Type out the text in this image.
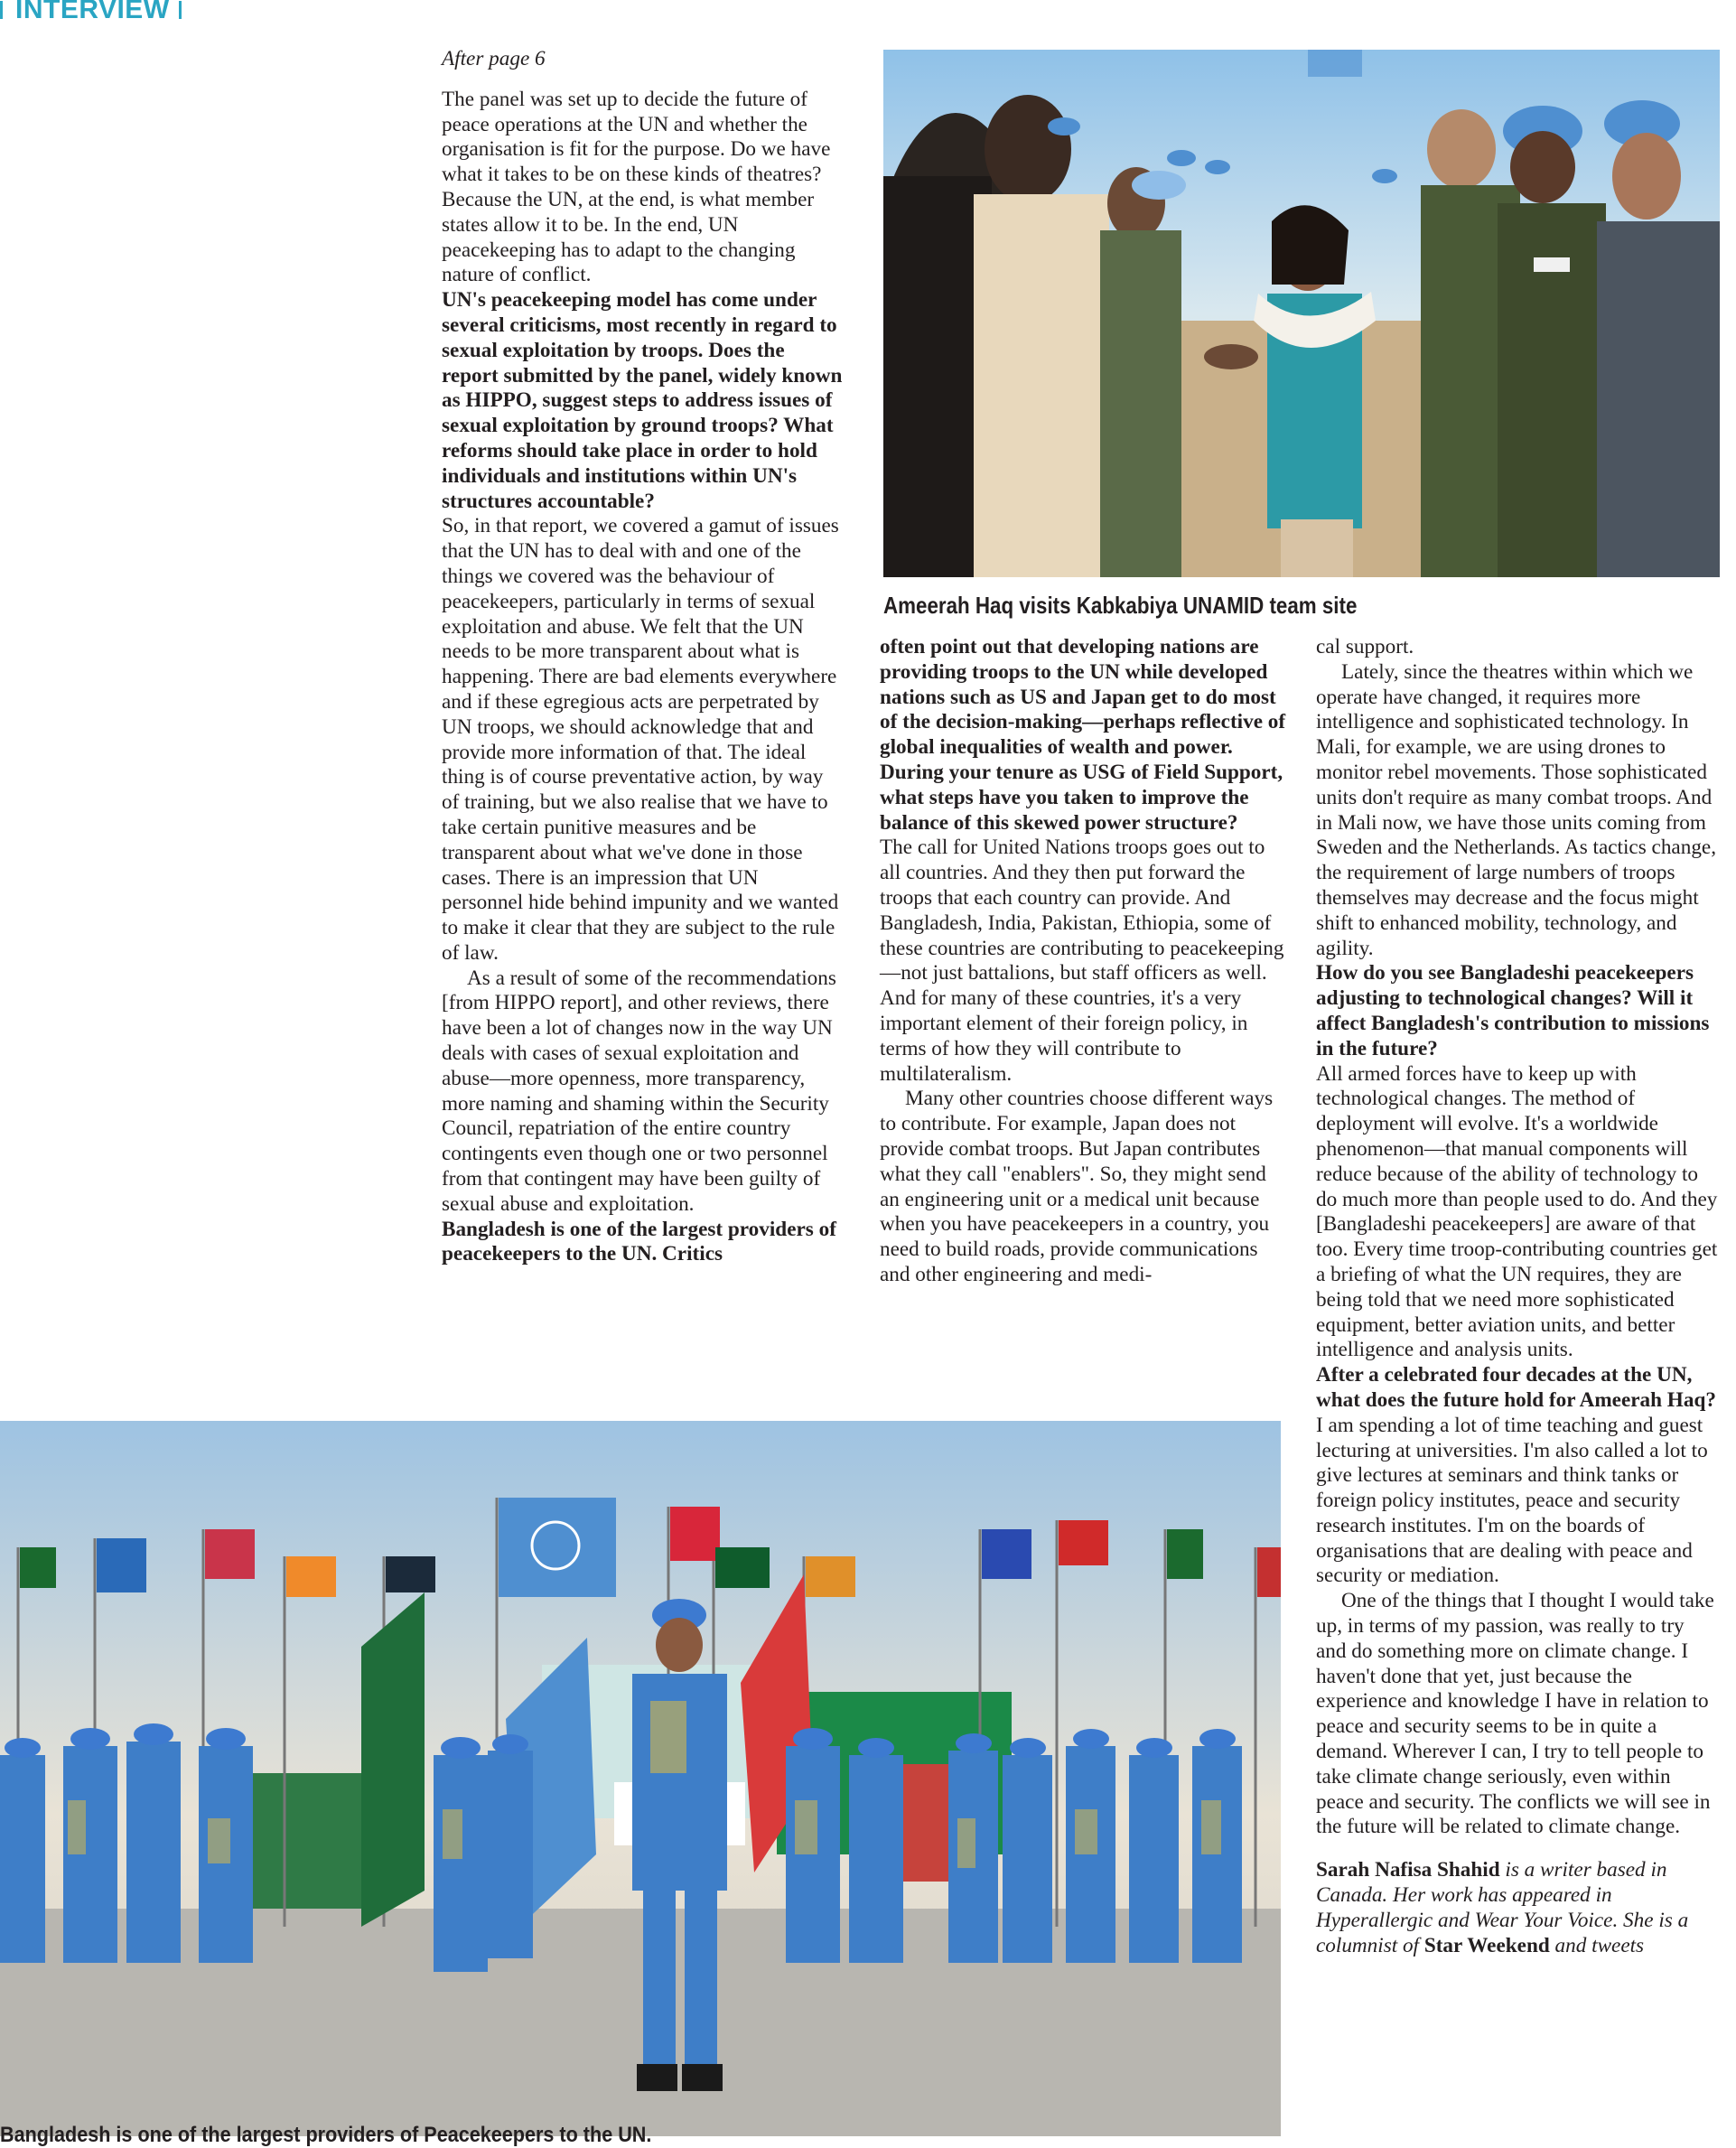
INTERVIEW

After page 6

The panel was set up to decide the future of peace operations at the UN and whether the organisation is fit for the purpose. Do we have what it takes to be on these kinds of theatres? Because the UN, at the end, is what member states allow it to be. In the end, UN peacekeeping has to adapt to the changing nature of conflict.

UN's peacekeeping model has come under several criticisms, most recently in regard to sexual exploitation by troops. Does the report submitted by the panel, widely known as HIPPO, suggest steps to address issues of sexual exploitation by ground troops? What reforms should take place in order to hold individuals and institutions within UN's structures accountable?

So, in that report, we covered a gamut of issues that the UN has to deal with and one of the things we covered was the behaviour of peacekeepers, particularly in terms of sexual exploitation and abuse. We felt that the UN needs to be more transparent about what is happening. There are bad elements everywhere and if these egregious acts are perpetrated by UN troops, we should acknowledge that and provide more information of that. The ideal thing is of course preventative action, by way of training, but we also realise that we have to take certain punitive measures and be transparent about what we've done in those cases. There is an impression that UN personnel hide behind impunity and we wanted to make it clear that they are subject to the rule of law.

As a result of some of the recommendations [from HIPPO report], and other reviews, there have been a lot of changes now in the way UN deals with cases of sexual exploitation and abuse—more openness, more transparency, more naming and shaming within the Security Council, repatriation of the entire country contingents even though one or two personnel from that contingent may have been guilty of sexual abuse and exploitation.

Bangladesh is one of the largest providers of peacekeepers to the UN. Critics

Ameerah Haq visits Kabkabiya UNAMID team site

often point out that developing nations are providing troops to the UN while developed nations such as US and Japan get to do most of the decision-making—perhaps reflective of global inequalities of wealth and power. During your tenure as USG of Field Support, what steps have you taken to improve the balance of this skewed power structure?

The call for United Nations troops goes out to all countries. And they then put forward the troops that each country can provide. And Bangladesh, India, Pakistan, Ethiopia, some of these countries are contributing to peacekeeping—not just battalions, but staff officers as well. And for many of these countries, it's a very important element of their foreign policy, in terms of how they will contribute to multilateralism.

Many other countries choose different ways to contribute. For example, Japan does not provide combat troops. But Japan contributes what they call "enablers". So, they might send an engineering unit or a medical unit because when you have peacekeepers in a country, you need to build roads, provide communications and other engineering and medi-

cal support.

Lately, since the theatres within which we operate have changed, it requires more intelligence and sophisticated technology. In Mali, for example, we are using drones to monitor rebel movements. Those sophisticated units don't require as many combat troops. And in Mali now, we have those units coming from Sweden and the Netherlands. As tactics change, the requirement of large numbers of troops themselves may decrease and the focus might shift to enhanced mobility, technology, and agility.

How do you see Bangladeshi peacekeepers adjusting to technological changes? Will it affect Bangladesh's contribution to missions in the future?

All armed forces have to keep up with technological changes. The method of deployment will evolve. It's a worldwide phenomenon—that manual components will reduce because of the ability of technology to do much more than people used to do. And they [Bangladeshi peacekeepers] are aware of that too. Every time troop-contributing countries get a briefing of what the UN requires, they are being told that we need more sophisticated equipment, better aviation units, and better intelligence and analysis units.

After a celebrated four decades at the UN, what does the future hold for Ameerah Haq?

I am spending a lot of time teaching and guest lecturing at universities. I'm also called a lot to give lectures at seminars and think tanks or foreign policy institutes, peace and security research institutes. I'm on the boards of organisations that are dealing with peace and security or mediation.

One of the things that I thought I would take up, in terms of my passion, was really to try and do something more on climate change. I haven't done that yet, just because the experience and knowledge I have in relation to peace and security seems to be in quite a demand. Wherever I can, I try to tell people to take climate change seriously, even within peace and security. The conflicts we will see in the future will be related to climate change.

Sarah Nafisa Shahid is a writer based in Canada. Her work has appeared in Hyperallergic and Wear Your Voice. She is a columnist of Star Weekend and tweets

Bangladesh is one of the largest providers of Peacekeepers to the UN.
